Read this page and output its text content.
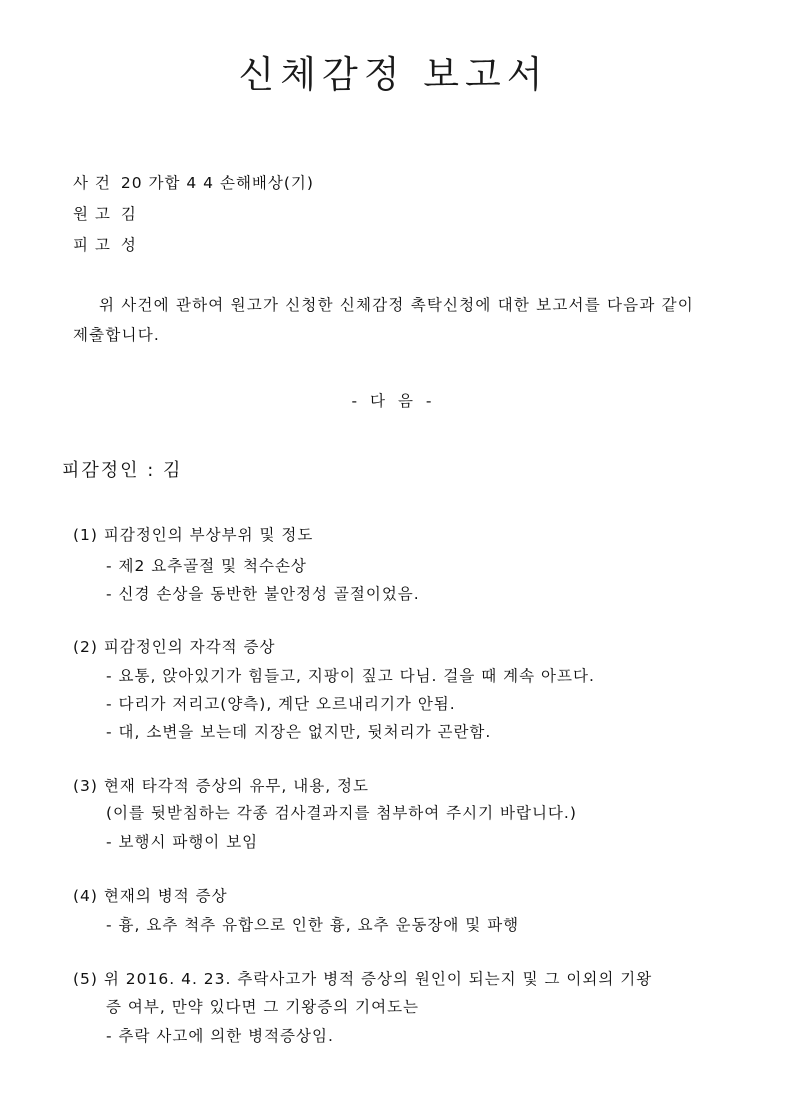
신체감정 보고서
사 건 20 가합 4 4 손해배상(기)
원 고 김
피 고 성
위 사건에 관하여 원고가 신청한 신체감정 촉탁신청에 대한 보고서를 다음과 같이 제출합니다.
- 다 음 -
피감정인 : 김
(1) 피감정인의 부상부위 및 정도
- 제2 요추골절 및 척수손상
- 신경 손상을 동반한 불안정성 골절이었음.
(2) 피감정인의 자각적 증상
- 요통, 앉아있기가 힘들고, 지팡이 짚고 다님. 걸을 때 계속 아프다.
- 다리가 저리고(양측), 계단 오르내리기가 안됨.
- 대, 소변을 보는데 지장은 없지만, 뒷처리가 곤란함.
(3) 현재 타각적 증상의 유무, 내용, 정도
(이를 뒷받침하는 각종 검사결과지를 첨부하여 주시기 바랍니다.)
- 보행시 파행이 보임
(4) 현재의 병적 증상
- 흉, 요추 척추 유합으로 인한 흉, 요추 운동장애 및 파행
(5) 위 2016. 4. 23. 추락사고가 병적 증상의 원인이 되는지 및 그 이외의 기왕
증 여부, 만약 있다면 그 기왕증의 기여도는
- 추락 사고에 의한 병적증상임.
